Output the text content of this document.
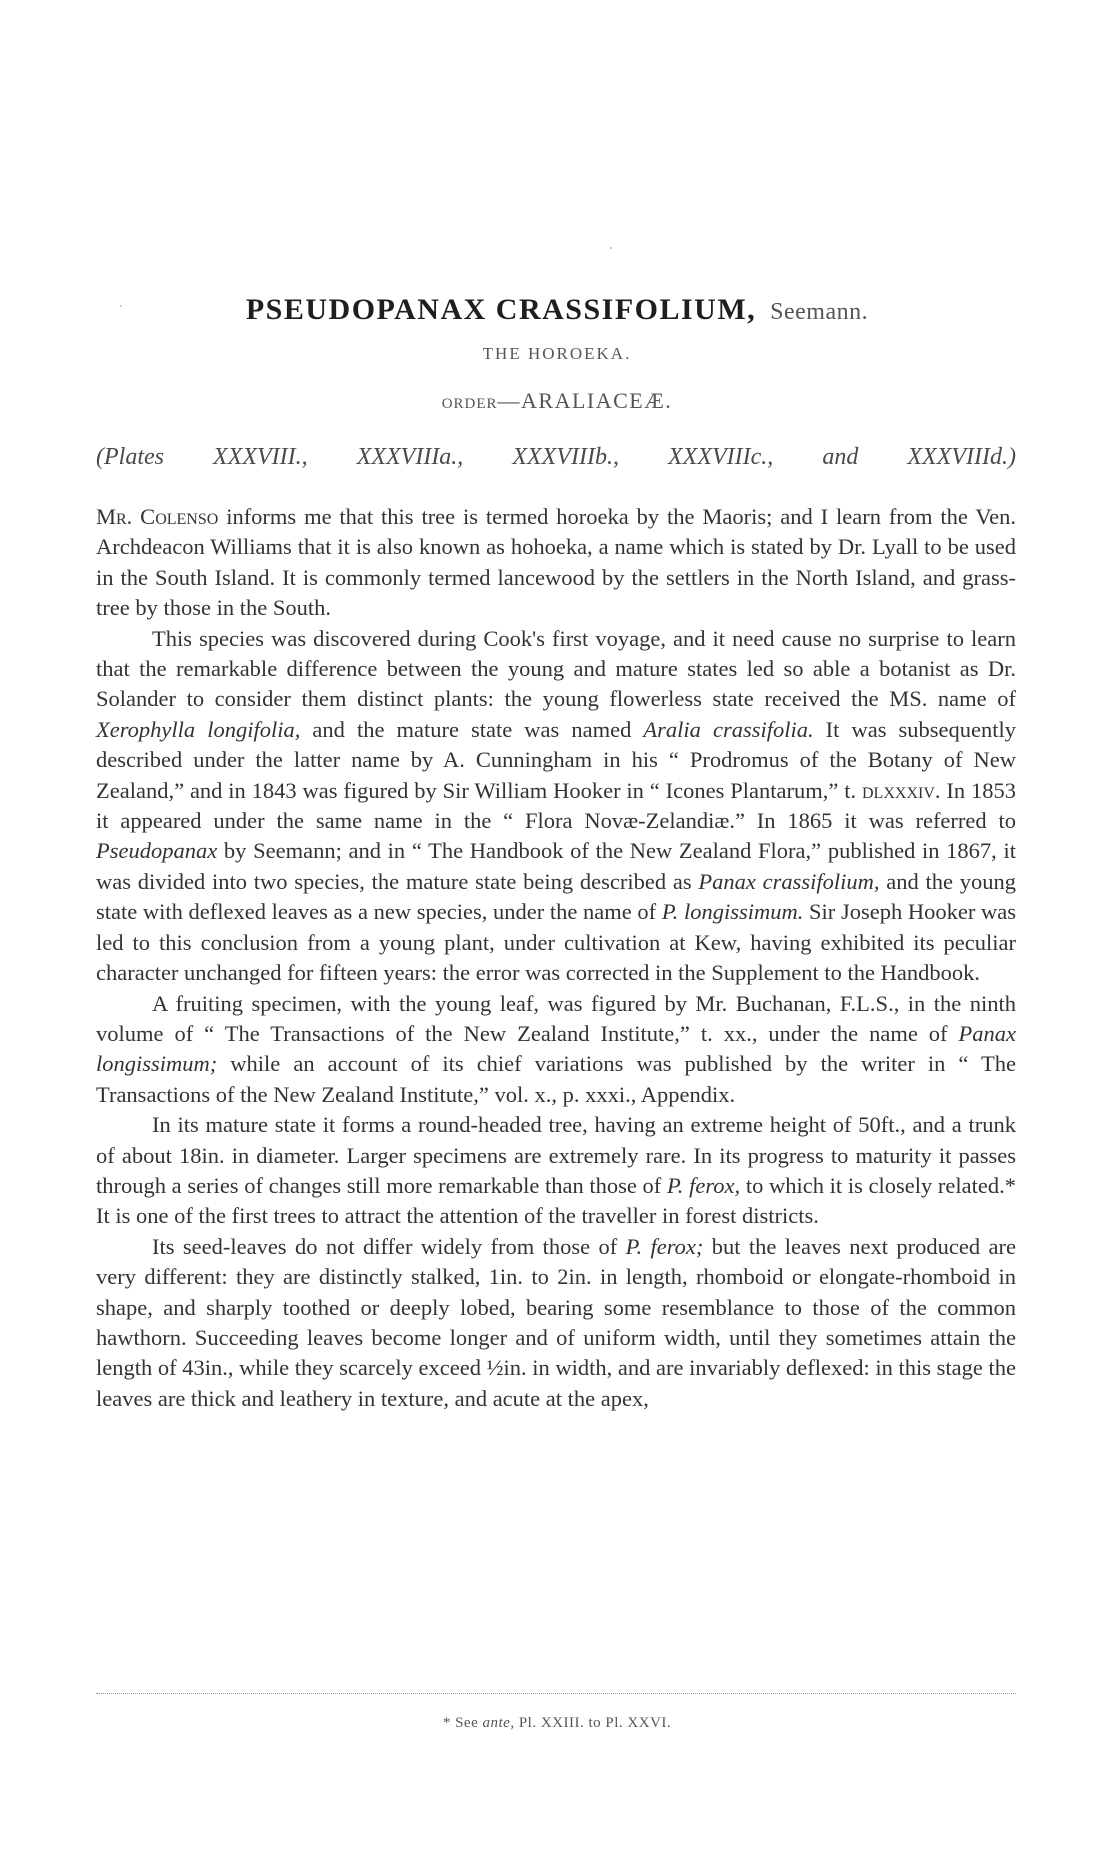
PSEUDOPANAX CRASSIFOLIUM, Seemann.
THE HOROEKA.
ORDER—ARALIACEÆ.
(Plates XXXVIII., XXXVIIIa., XXXVIIIb., XXXVIIIc., and XXXVIIId.)

Mr. Colenso informs me that this tree is termed horoeka by the Maoris; and I learn from the Ven. Archdeacon Williams that it is also known as hohoeka, a name which is stated by Dr. Lyall to be used in the South Island. It is commonly termed lancewood by the settlers in the North Island, and grass-tree by those in the South.

This species was discovered during Cook's first voyage, and it need cause no surprise to learn that the remarkable difference between the young and mature states led so able a botanist as Dr. Solander to consider them distinct plants: the young flowerless state received the MS. name of Xerophylla longifolia, and the mature state was named Aralia crassifolia. It was subsequently described under the latter name by A. Cunningham in his “ Prodromus of the Botany of New Zealand,” and in 1843 was figured by Sir William Hooker in “ Icones Plantarum,” t. dlxxxiv. In 1853 it appeared under the same name in the “ Flora Novæ-Zelandiæ.” In 1865 it was referred to Pseudopanax by Seemann; and in “ The Handbook of the New Zealand Flora,” published in 1867, it was divided into two species, the mature state being described as Panax crassifolium, and the young state with deflexed leaves as a new species, under the name of P. longissimum. Sir Joseph Hooker was led to this conclusion from a young plant, under cultivation at Kew, having exhibited its peculiar character unchanged for fifteen years: the error was corrected in the Supplement to the Handbook.

A fruiting specimen, with the young leaf, was figured by Mr. Buchanan, F.L.S., in the ninth volume of “ The Transactions of the New Zealand Institute,” t. xx., under the name of Panax longissimum; while an account of its chief variations was published by the writer in “ The Transactions of the New Zealand Institute,” vol. x., p. xxxi., Appendix.

In its mature state it forms a round-headed tree, having an extreme height of 50ft., and a trunk of about 18in. in diameter. Larger specimens are extremely rare. In its progress to maturity it passes through a series of changes still more remarkable than those of P. ferox, to which it is closely related.* It is one of the first trees to attract the attention of the traveller in forest districts.

Its seed-leaves do not differ widely from those of P. ferox; but the leaves next produced are very different: they are distinctly stalked, 1in. to 2in. in length, rhomboid or elongate-rhomboid in shape, and sharply toothed or deeply lobed, bearing some resemblance to those of the common hawthorn. Succeeding leaves become longer and of uniform width, until they sometimes attain the length of 43in., while they scarcely exceed ½in. in width, and are invariably deflexed: in this stage the leaves are thick and leathery in texture, and acute at the apex,

* See ante, Pl. XXIII. to Pl. XXVI.
